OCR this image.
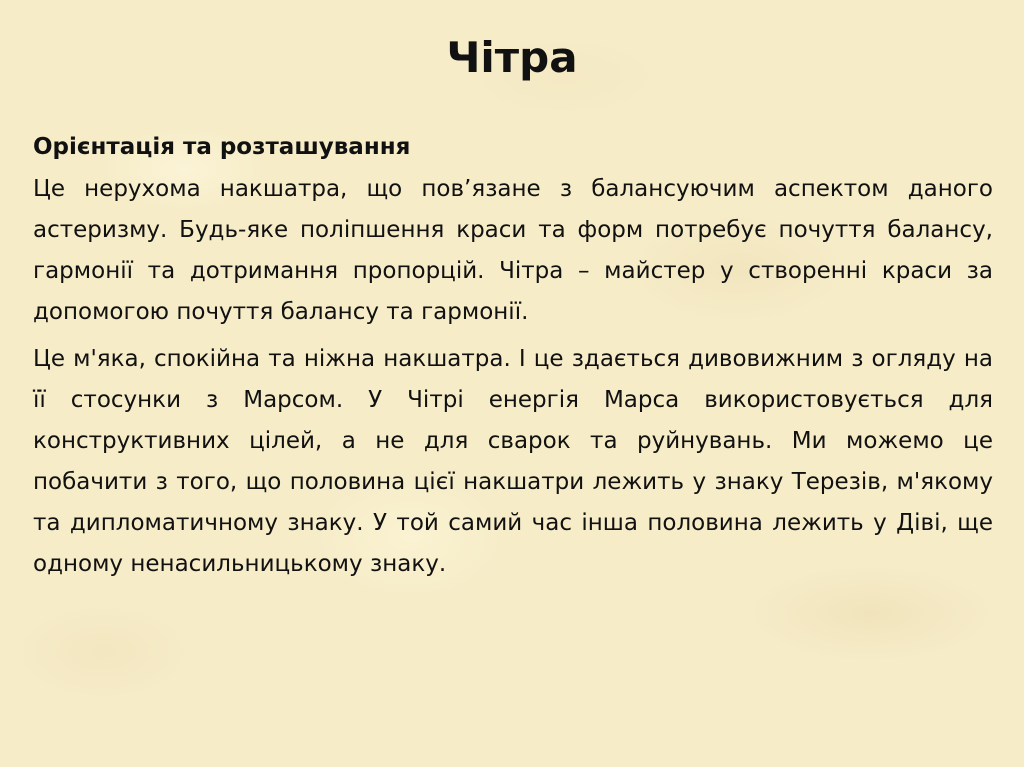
Чітра

Орієнтація та розташування

Це нерухома накшатра, що пов’язане з балансуючим аспектом даного астеризму. Будь-яке поліпшення краси та форм потребує почуття балансу, гармонії та дотримання пропорцій. Чітра – майстер у створенні краси за допомогою почуття балансу та гармонії.

Це м'яка, спокійна та ніжна накшатра. І це здається дивовижним з огляду на її стосунки з Марсом. У Чітрі енергія Марса використовується для конструктивних цілей, а не для сварок та руйнувань. Ми можемо це побачити з того, що половина цієї накшатри лежить у знаку Терезів, м'якому та дипломатичному знаку. У той самий час інша половина лежить у Діві, ще одному ненасильницькому знаку.
